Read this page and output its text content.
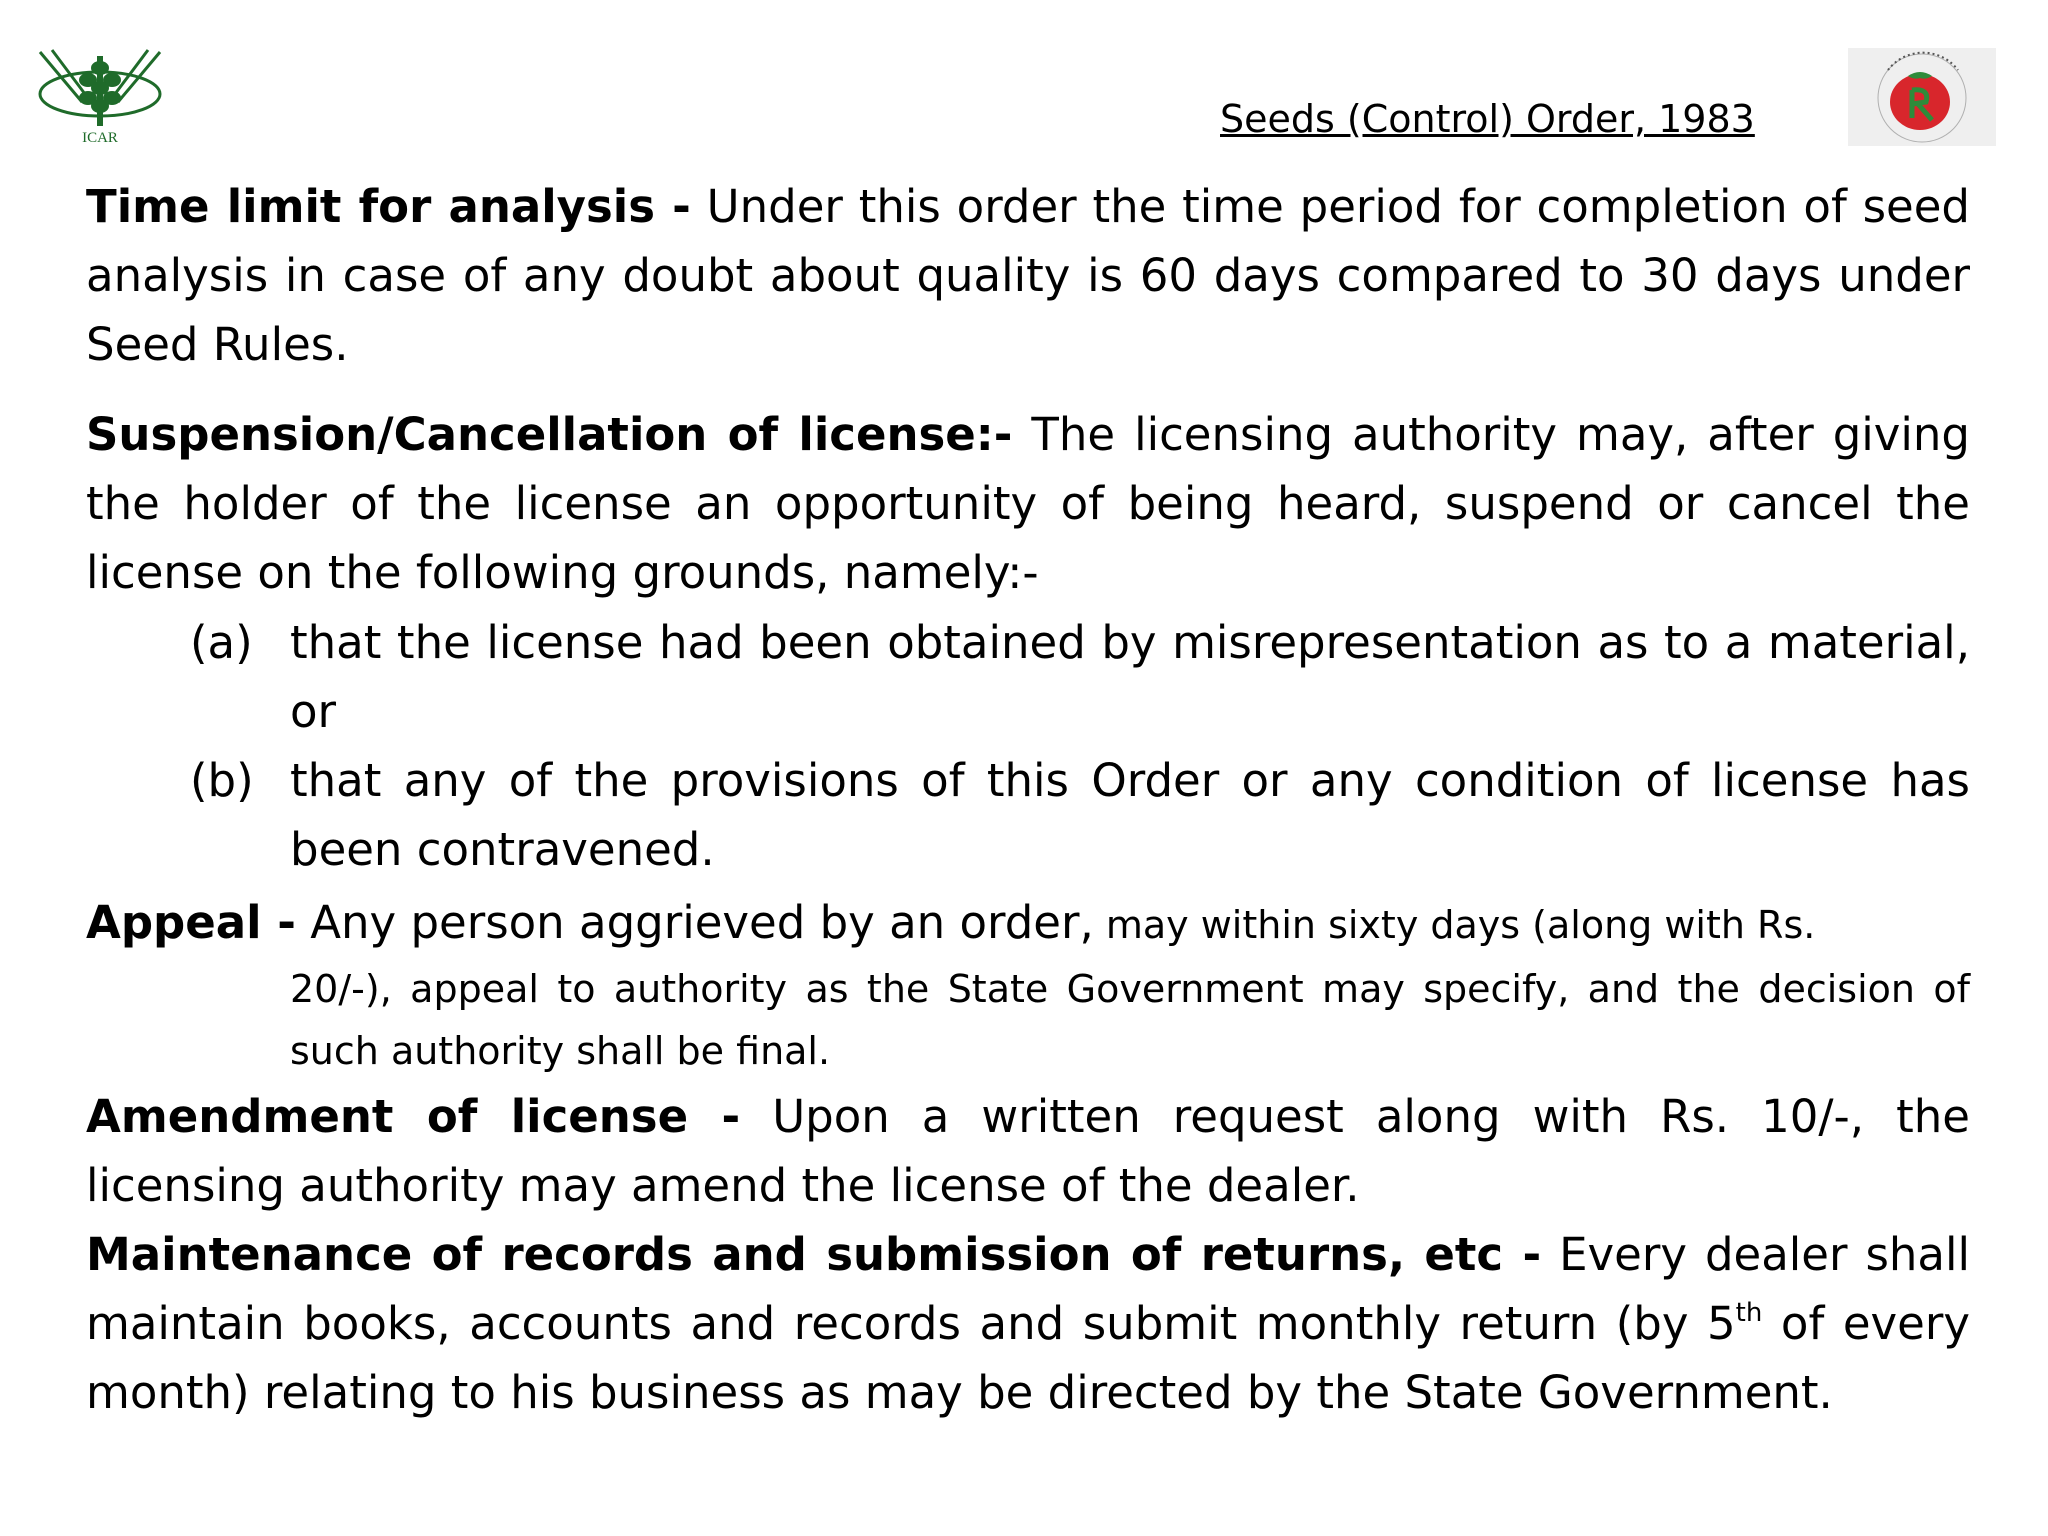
ICAR	Seeds (Control) Order, 1983
Time limit for analysis - Under this order the time period for completion of seed analysis in case of any doubt about quality is 60 days compared to 30 days under Seed Rules.
Suspension/Cancellation of license:- The licensing authority may, after giving the holder of the license an opportunity of being heard, suspend or cancel the license on the following grounds, namely:-
(a) that the license had been obtained by misrepresentation as to a material, or
(b) that any of the provisions of this Order or any condition of license has been contravened.
Appeal - Any person aggrieved by an order, may within sixty days (along with Rs.
20/-), appeal to authority as the State Government may specify, and the decision of such authority shall be final.
Amendment of license - Upon a written request along with Rs. 10/-, the licensing authority may amend the license of the dealer.
Maintenance of records and submission of returns, etc - Every dealer shall maintain books, accounts and records and submit monthly return (by 5th of every month) relating to his business as may be directed by the State Government.
